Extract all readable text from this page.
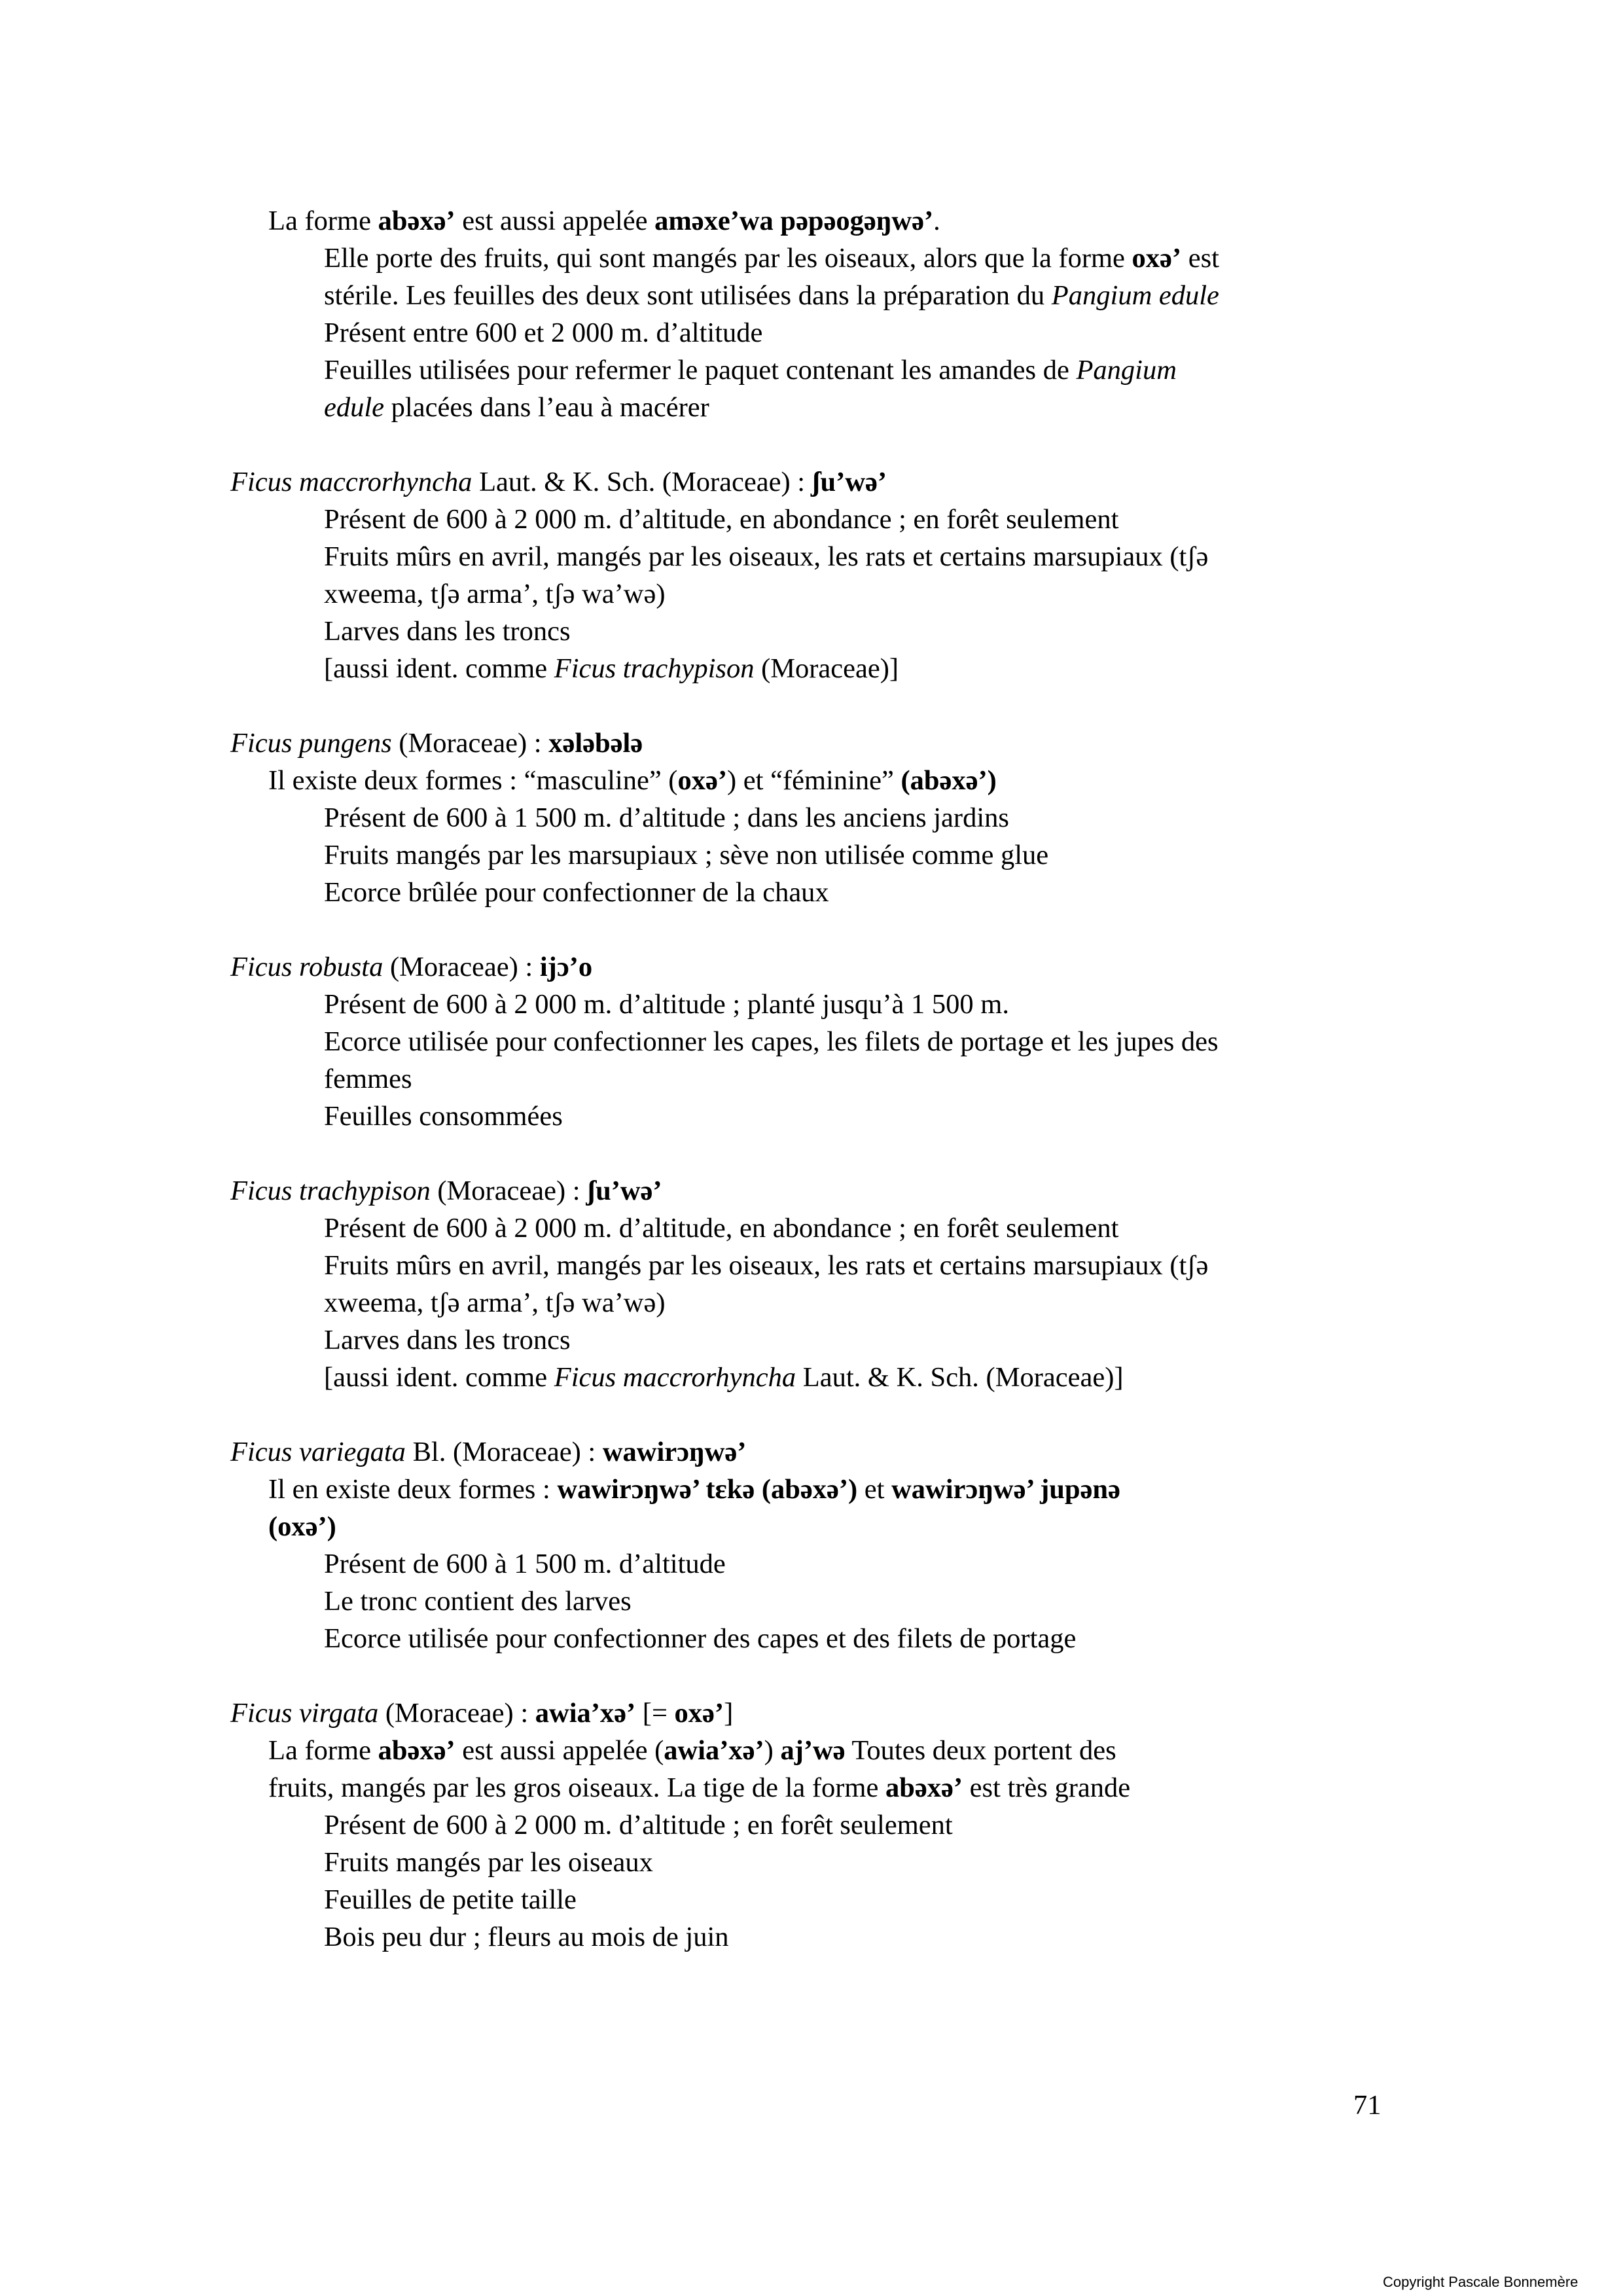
La forme abəxə’ est aussi appelée aməxe’wa pəpəogəŋwə’.
Elle porte des fruits, qui sont mangés par les oiseaux, alors que la forme oxə’ est
stérile. Les feuilles des deux sont utilisées dans la préparation du Pangium edule
Présent entre 600 et 2 000 m. d’altitude
Feuilles utilisées pour refermer le paquet contenant les amandes de Pangium
edule placées dans l’eau à macérer
Ficus maccrorhyncha Laut. & K. Sch. (Moraceae) : ʃu’wə’
Présent de 600 à 2 000 m. d’altitude, en abondance ; en forêt seulement
Fruits mûrs en avril, mangés par les oiseaux, les rats et certains marsupiaux (tʃə
xweema, tʃə arma’, tʃə wa’wə)
Larves dans les troncs
[aussi ident. comme Ficus trachypison (Moraceae)]
Ficus pungens (Moraceae) : xələbələ
Il existe deux formes : “masculine” (oxə’) et “féminine” (abəxə’)
Présent de 600 à 1 500 m. d’altitude ; dans les anciens jardins
Fruits mangés par les marsupiaux ; sève non utilisée comme glue
Ecorce brûlée pour confectionner de la chaux
Ficus robusta (Moraceae) : ijɔ’o
Présent de 600 à 2 000 m. d’altitude ; planté jusqu’à 1 500 m.
Ecorce utilisée pour confectionner les capes, les filets de portage et les jupes des
femmes
Feuilles consommées
Ficus trachypison (Moraceae) : ʃu’wə’
Présent de 600 à 2 000 m. d’altitude, en abondance ; en forêt seulement
Fruits mûrs en avril, mangés par les oiseaux, les rats et certains marsupiaux (tʃə
xweema, tʃə arma’, tʃə wa’wə)
Larves dans les troncs
[aussi ident. comme Ficus maccrorhyncha Laut. & K. Sch. (Moraceae)]
Ficus variegata Bl. (Moraceae) : wawirɔŋwə’
Il en existe deux formes : wawirɔŋwə’ tɛkə (abəxə’) et wawirɔŋwə’ jupənə
(oxə’)
Présent de 600 à 1 500 m. d’altitude
Le tronc contient des larves
Ecorce utilisée pour confectionner des capes et des filets de portage
Ficus virgata (Moraceae) : awia’xə’ [= oxə’]
La forme abəxə’ est aussi appelée (awia’xə’) aj’wə Toutes deux portent des
fruits, mangés par les gros oiseaux. La tige de la forme abəxə’ est très grande
Présent de 600 à 2 000 m. d’altitude ; en forêt seulement
Fruits mangés par les oiseaux
Feuilles de petite taille
Bois peu dur ; fleurs au mois de juin
71
Copyright Pascale Bonnemère
